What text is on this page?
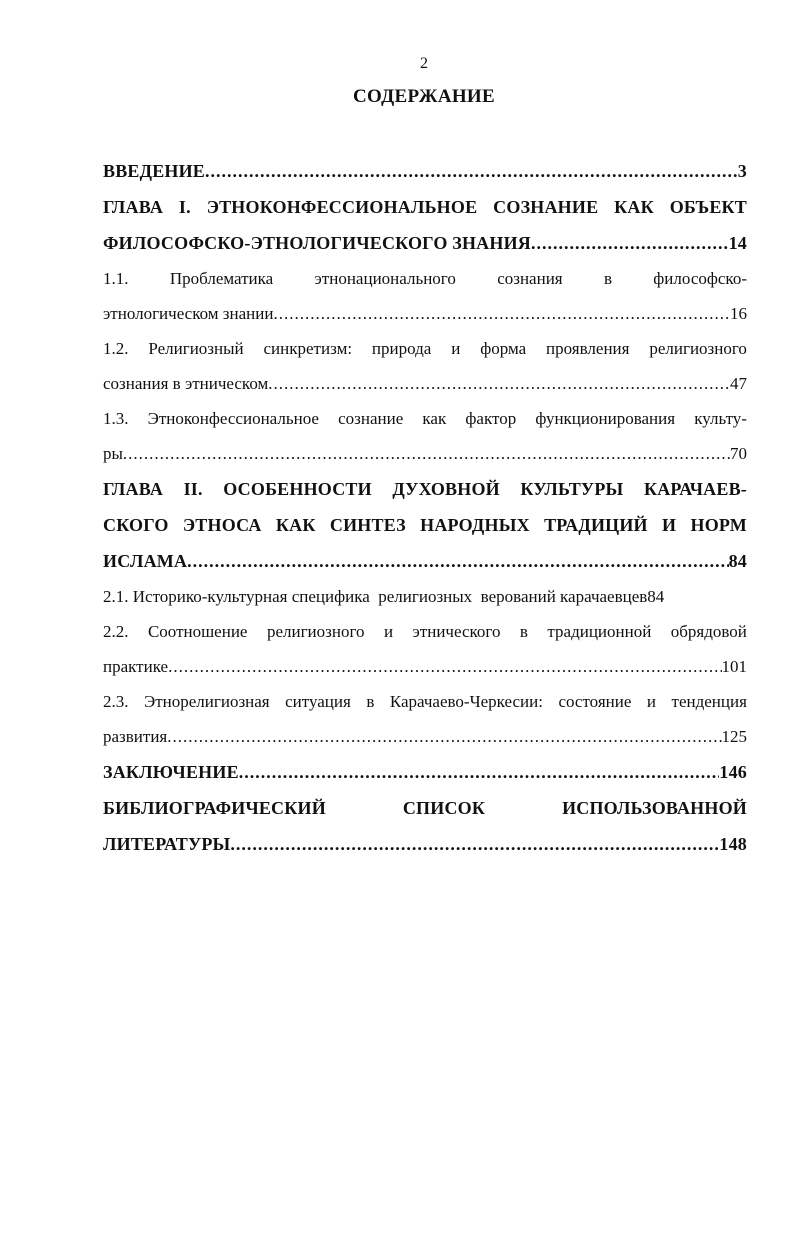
2
СОДЕРЖАНИЕ
ВВЕДЕНИЕ .....	3
ГЛАВА I. ЭТНОКОНФЕССИОНАЛЬНОЕ СОЗНАНИЕ КАК ОБЪЕКТ
ФИЛОСОФСКО-ЭТНОЛОГИЧЕСКОГО ЗНАНИЯ .....	14
1.1. Проблематика этнонационального сознания в философско-
этнологическом знании .....	16
1.2. Религиозный синкретизм: природа и форма проявления религиозного
сознания в этническом .....	47
1.3. Этноконфессиональное сознание как фактор функционирования культу-
ры .....	70
ГЛАВА II. ОСОБЕННОСТИ ДУХОВНОЙ КУЛЬТУРЫ КАРАЧАЕВ-
СКОГО ЭТНОСА КАК СИНТЕЗ НАРОДНЫХ ТРАДИЦИЙ И НОРМ
ИСЛАМА .....	84
2.1. Историко-культурная специфика  религиозных  верований карачаевцев84
2.2. Соотношение религиозного и этнического в традиционной обрядовой
практике .....	101
2.3. Этнорелигиозная ситуация в Карачаево-Черкесии: состояние и тенденция
развития .....	125
ЗАКЛЮЧЕНИЕ .....	146
БИБЛИОГРАФИЧЕСКИЙ	СПИСОК	ИСПОЛЬЗОВАННОЙ
ЛИТЕРАТУРЫ .....	148
